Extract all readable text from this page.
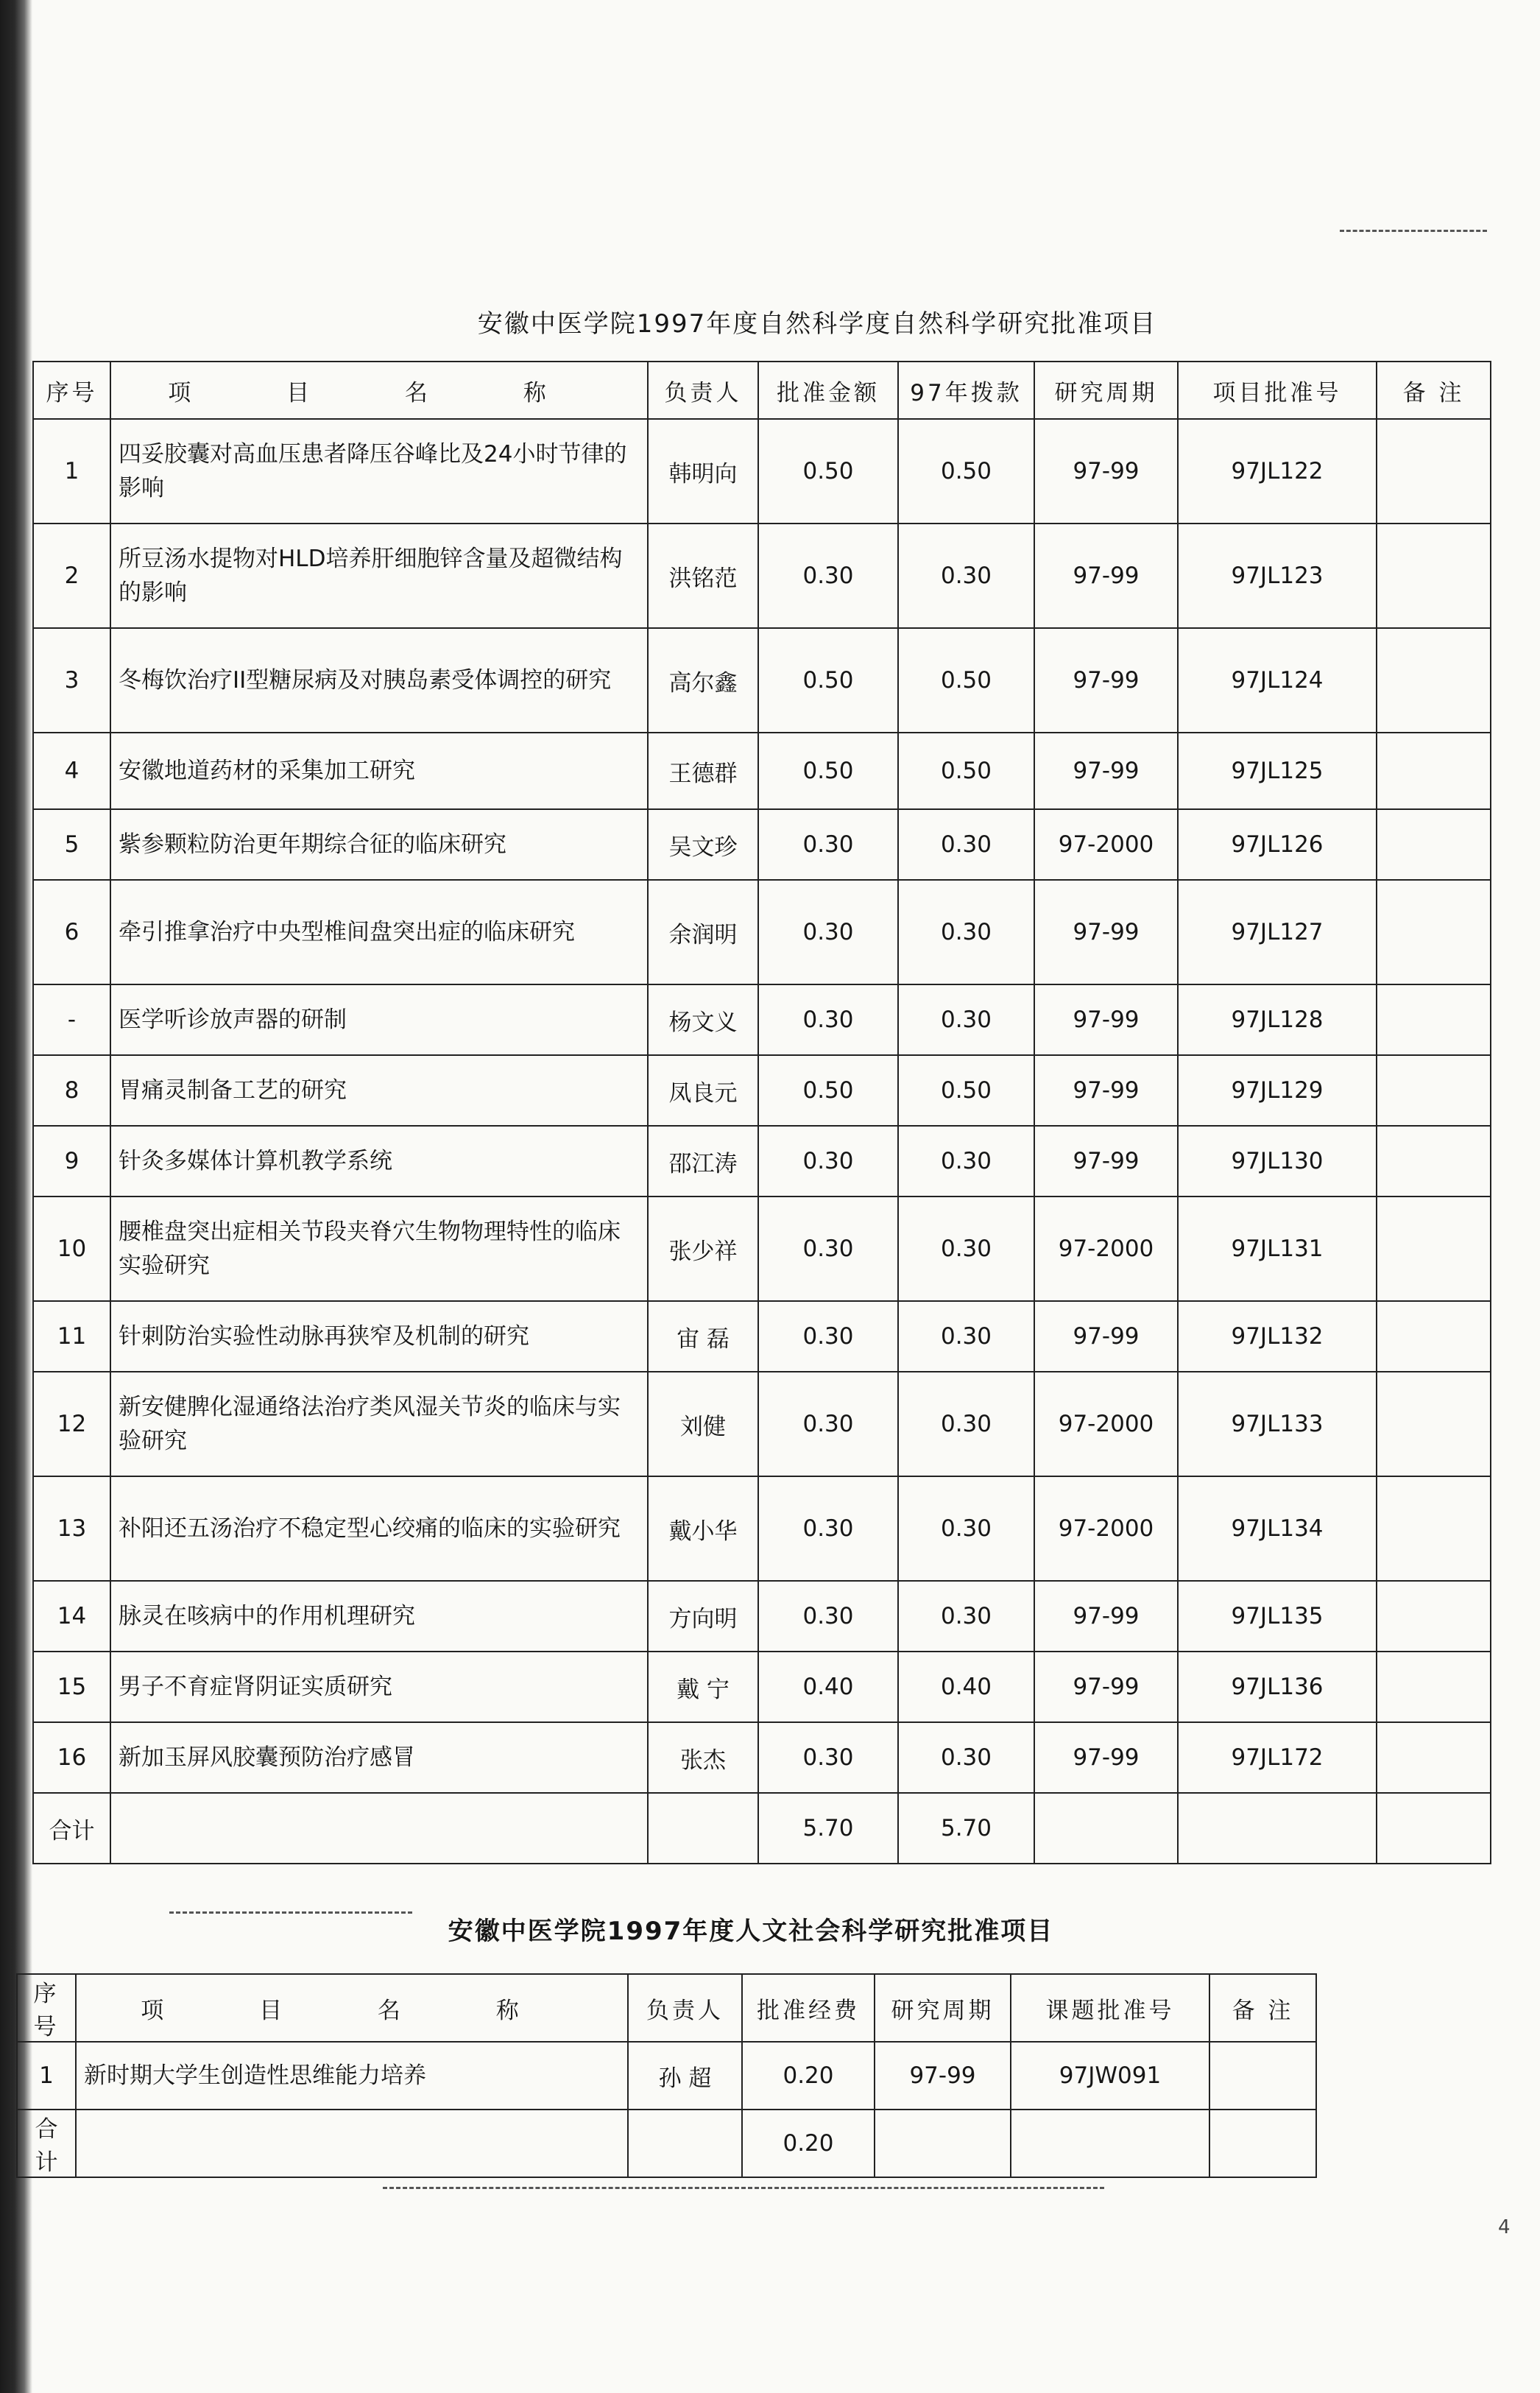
安徽中医学院1997年度自然科学度自然科学研究批准项目
序号	项 目 名 称	负责人	批准金额	97年拨款	研究周期	项目批准号	备 注
1	四妥胶囊对高血压患者降压谷峰比及24小时节律的影响	韩明向	0.50	0.50	97-99	97JL122	
2	所豆汤水提物对HLD培养肝细胞锌含量及超微结构的影响	洪铭范	0.30	0.30	97-99	97JL123	
3	冬梅饮治疗II型糖尿病及对胰岛素受体调控的研究	高尔鑫	0.50	0.50	97-99	97JL124	
4	安徽地道药材的采集加工研究	王德群	0.50	0.50	97-99	97JL125	
5	紫参颗粒防治更年期综合征的临床研究	吴文珍	0.30	0.30	97-2000	97JL126	
6	牵引推拿治疗中央型椎间盘突出症的临床研究	余润明	0.30	0.30	97-99	97JL127	
-	医学听诊放声器的研制	杨文义	0.30	0.30	97-99	97JL128	
8	胃痛灵制备工艺的研究	凤良元	0.50	0.50	97-99	97JL129	
9	针灸多媒体计算机教学系统	邵江涛	0.30	0.30	97-99	97JL130	
10	腰椎盘突出症相关节段夹脊穴生物物理特性的临床实验研究	张少祥	0.30	0.30	97-2000	97JL131	
11	针刺防治实验性动脉再狭窄及机制的研究	宙 磊	0.30	0.30	97-99	97JL132	
12	新安健脾化湿通络法治疗类风湿关节炎的临床与实验研究	刘健	0.30	0.30	97-2000	97JL133	
13	补阳还五汤治疗不稳定型心绞痛的临床的实验研究	戴小华	0.30	0.30	97-2000	97JL134	
14	脉灵在咳病中的作用机理研究	方向明	0.30	0.30	97-99	97JL135	
15	男子不育症肾阴证实质研究	戴 宁	0.40	0.40	97-99	97JL136	
16	新加玉屏风胶囊预防治疗感冒	张杰	0.30	0.30	97-99	97JL172	
合计			5.70	5.70			
安徽中医学院1997年度人文社会科学研究批准项目
序号	项 目 名 称	负责人	批准经费	研究周期	课题批准号	备 注
1	新时期大学生创造性思维能力培养	孙 超	0.20	97-99	97JW091	
合计			0.20			
4
